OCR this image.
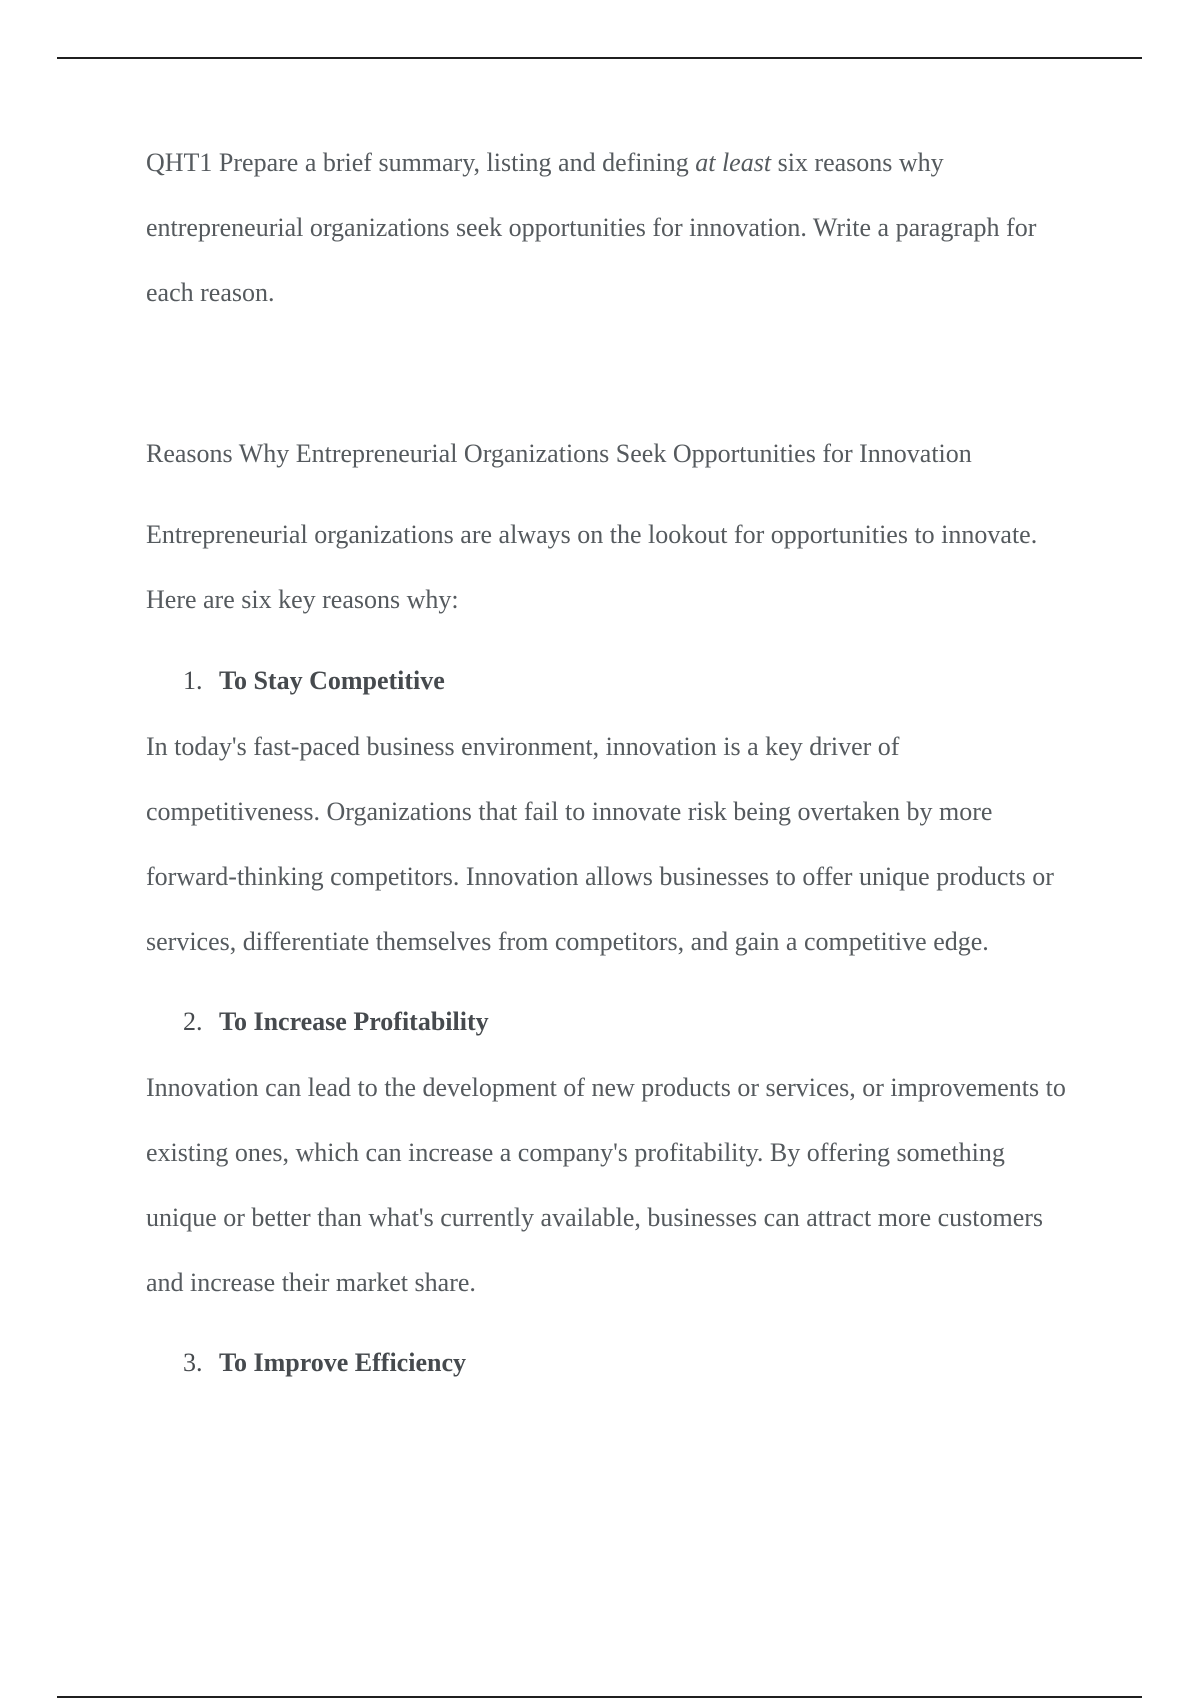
QHT1 Prepare a brief summary, listing and defining at least six reasons why entrepreneurial organizations seek opportunities for innovation. Write a paragraph for each reason.

Reasons Why Entrepreneurial Organizations Seek Opportunities for Innovation

Entrepreneurial organizations are always on the lookout for opportunities to innovate. Here are six key reasons why:

1. To Stay Competitive

In today's fast-paced business environment, innovation is a key driver of competitiveness. Organizations that fail to innovate risk being overtaken by more forward-thinking competitors. Innovation allows businesses to offer unique products or services, differentiate themselves from competitors, and gain a competitive edge.

2. To Increase Profitability

Innovation can lead to the development of new products or services, or improvements to existing ones, which can increase a company's profitability. By offering something unique or better than what's currently available, businesses can attract more customers and increase their market share.

3. To Improve Efficiency
